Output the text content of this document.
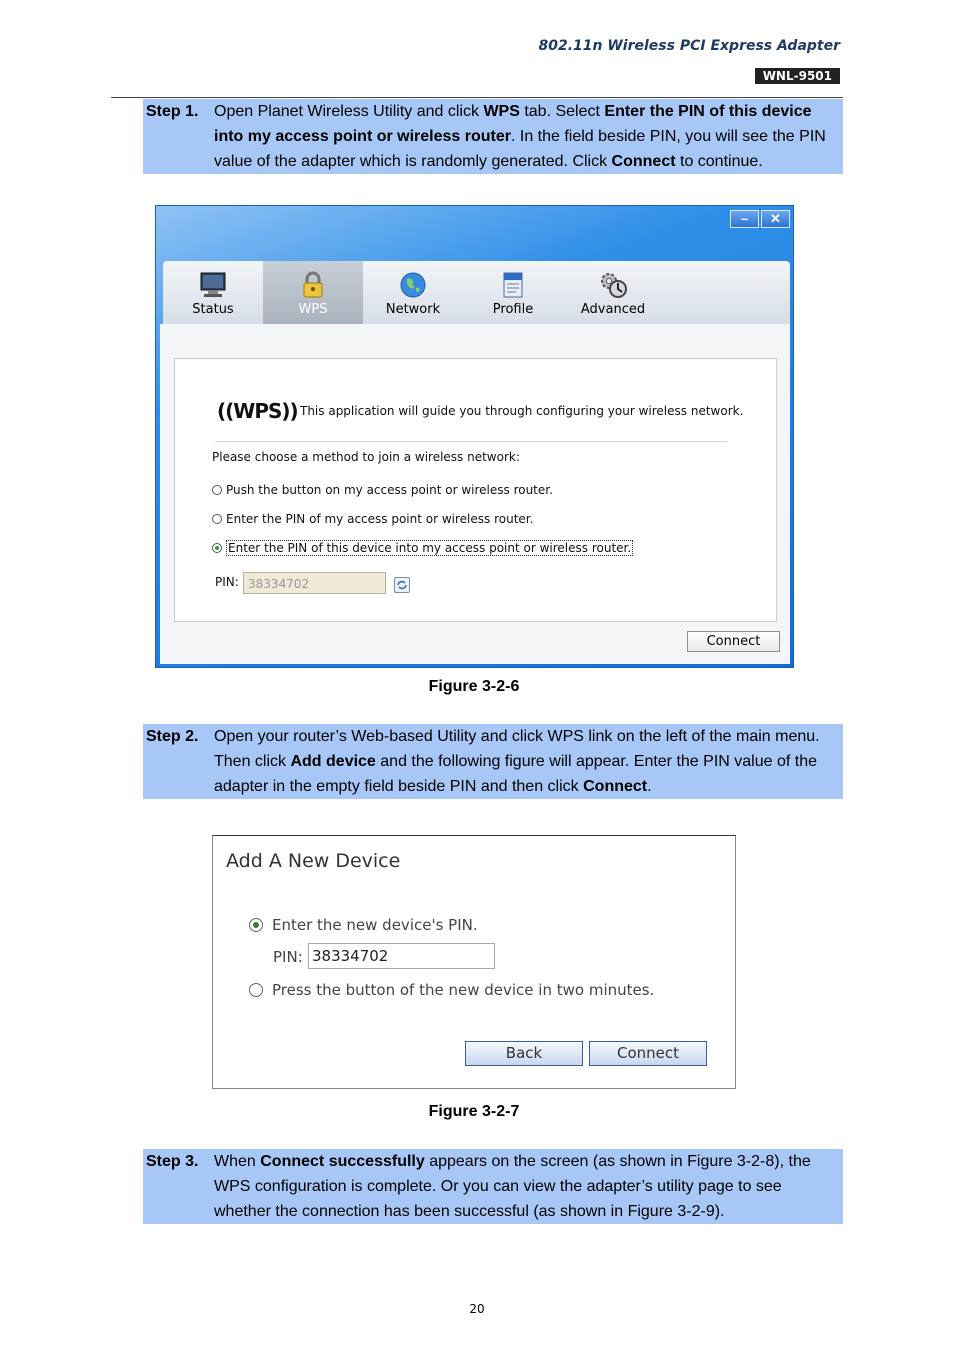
802.11n Wireless PCI Express Adapter
WNL-9501
Step 1. Open Planet Wireless Utility and click WPS tab. Select Enter the PIN of this device into my access point or wireless router. In the field beside PIN, you will see the PIN value of the adapter which is randomly generated. Click Connect to continue.
–	✕
Status	WPS	Network	Profile	Advanced
((WPS)) This application will guide you through configuring your wireless network.
Please choose a method to join a wireless network:
Push the button on my access point or wireless router.
Enter the PIN of my access point or wireless router.
Enter the PIN of this device into my access point or wireless router.
PIN: 38334702
Connect
Figure 3-2-6
Step 2. Open your router’s Web-based Utility and click WPS link on the left of the main menu. Then click Add device and the following figure will appear. Enter the PIN value of the adapter in the empty field beside PIN and then click Connect.
Add A New Device
Enter the new device's PIN.
PIN: 38334702
Press the button of the new device in two minutes.
Back	Connect
Figure 3-2-7
Step 3. When Connect successfully appears on the screen (as shown in Figure 3-2-8), the WPS configuration is complete. Or you can view the adapter’s utility page to see whether the connection has been successful (as shown in Figure 3-2-9).
20
